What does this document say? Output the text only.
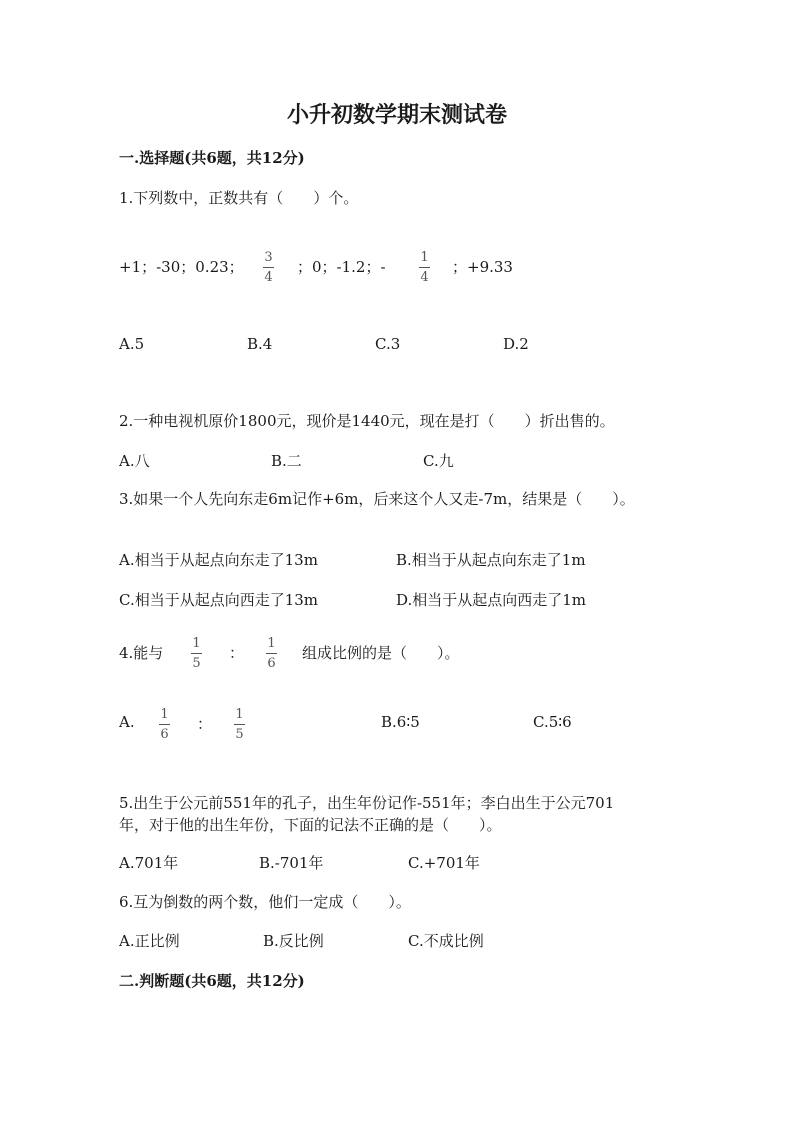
小升初数学期末测试卷
一.选择题(共6题，共12分)
1.下列数中，正数共有（　　）个。
+1；-30；0.23；
3
4
；0；-1.2；-
1
4
；+9.33
A.5	B.4	C.3	D.2
2.一种电视机原价1800元，现价是1440元，现在是打（　　）折出售的。
A.八	B.二	C.九
3.如果一个人先向东走6m记作+6m，后来这个人又走-7m，结果是（　　）。
A.相当于从起点向东走了13m	B.相当于从起点向东走了1m
C.相当于从起点向西走了13m	D.相当于从起点向西走了1m
4.能与
1
5
：
1
6
组成比例的是（　　）。
A. 1
6
：
1
5
B.6∶5	C.5∶6
5.出生于公元前551年的孔子，出生年份记作-551年；李白出生于公元701
年，对于他的出生年份，下面的记法不正确的是（　　）。
A.701年	B.-701年	C.+701年
6.互为倒数的两个数，他们一定成（　　）。
A.正比例	B.反比例	C.不成比例
二.判断题(共6题，共12分)
